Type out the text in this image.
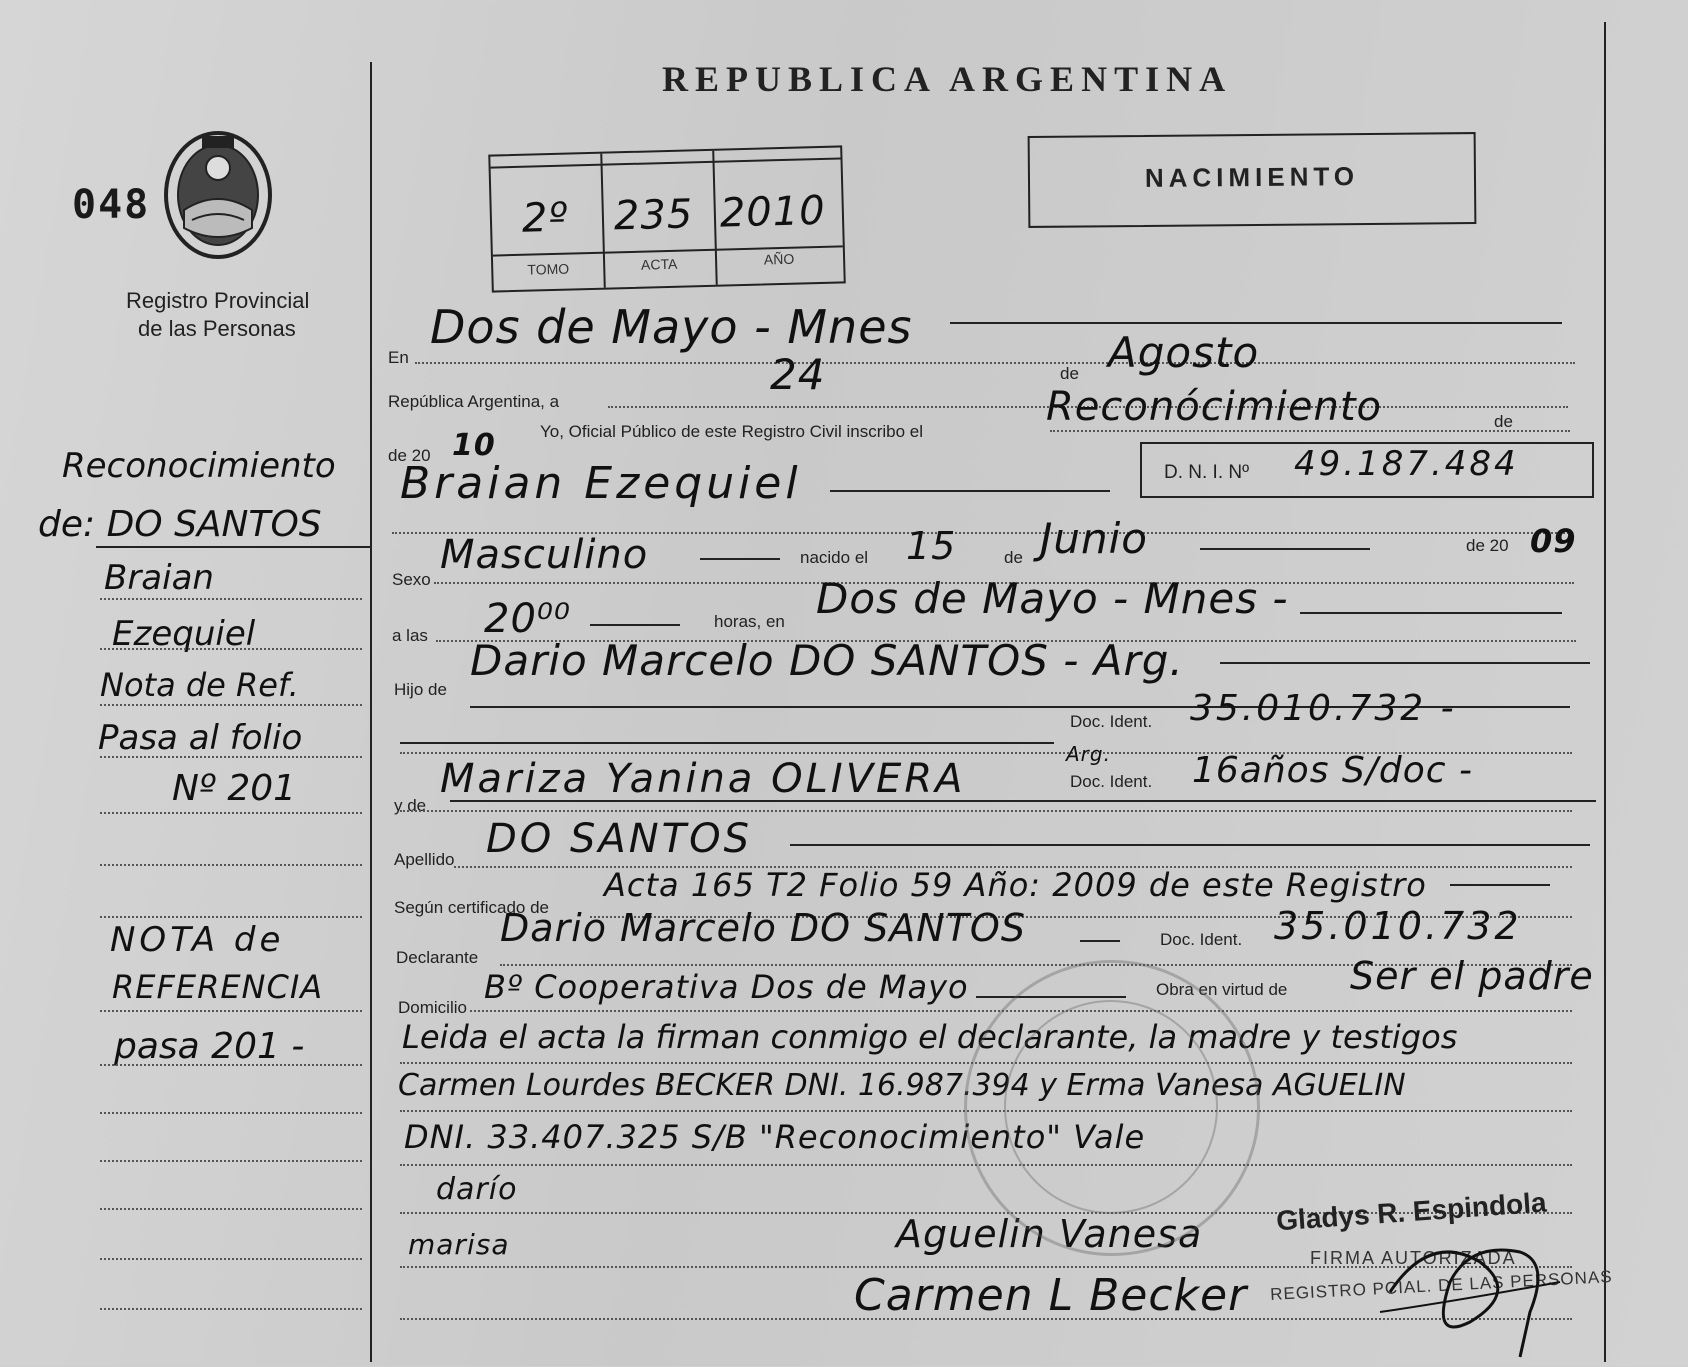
REPUBLICA ARGENTINA
048
Registro Provincial
de las Personas
2º 235 2010
TOMO	ACTA	AÑO
NACIMIENTO
En
Dos de Mayo - Mnes
República Argentina, a
24	de Agosto
de 20 10	Yo, Oficial Público de este Registro Civil inscribo el
Reconócimiento	de
Braian Ezequiel	D. N. I. Nº 49.187.484
Sexo
Masculino	nacido el 15	de Junio	de 20 09
a las 20⁰⁰	horas, en Dos de Mayo - Mnes -
Hijo de
Dario Marcelo DO SANTOS - Arg.
Doc. Ident. 35.010.732 -
y de
Mariza Yanina OLIVERA
Arg.
Doc. Ident. 16años S/doc -
Apellido DO SANTOS
Según certificado de
Acta 165 T2 Folio 59 Año: 2009 de este Registro
Declarante
Dario Marcelo DO SANTOS	Doc. Ident. 35.010.732
Domicilio
Bº Cooperativa Dos de Mayo	Obra en virtud de Ser el padre
Leida el acta la firman conmigo el declarante, la madre y testigos
Carmen Lourdes BECKER DNI. 16.987.394 y Erma Vanesa AGUELIN
DNI. 33.407.325 S/B "Reconocimiento" Vale
darío
marisa	Aguelin Vanesa	Gladys R. Espindola
FIRMA AUTORIZADA
Carmen L Becker REGISTRO PCIAL. DE LAS PERSONAS
Reconocimiento
de: DO SANTOS
Braian
Ezequiel
Nota de Ref.
Pasa al folio
Nº 201
NOTA de
REFERENCIA
pasa 201 -
